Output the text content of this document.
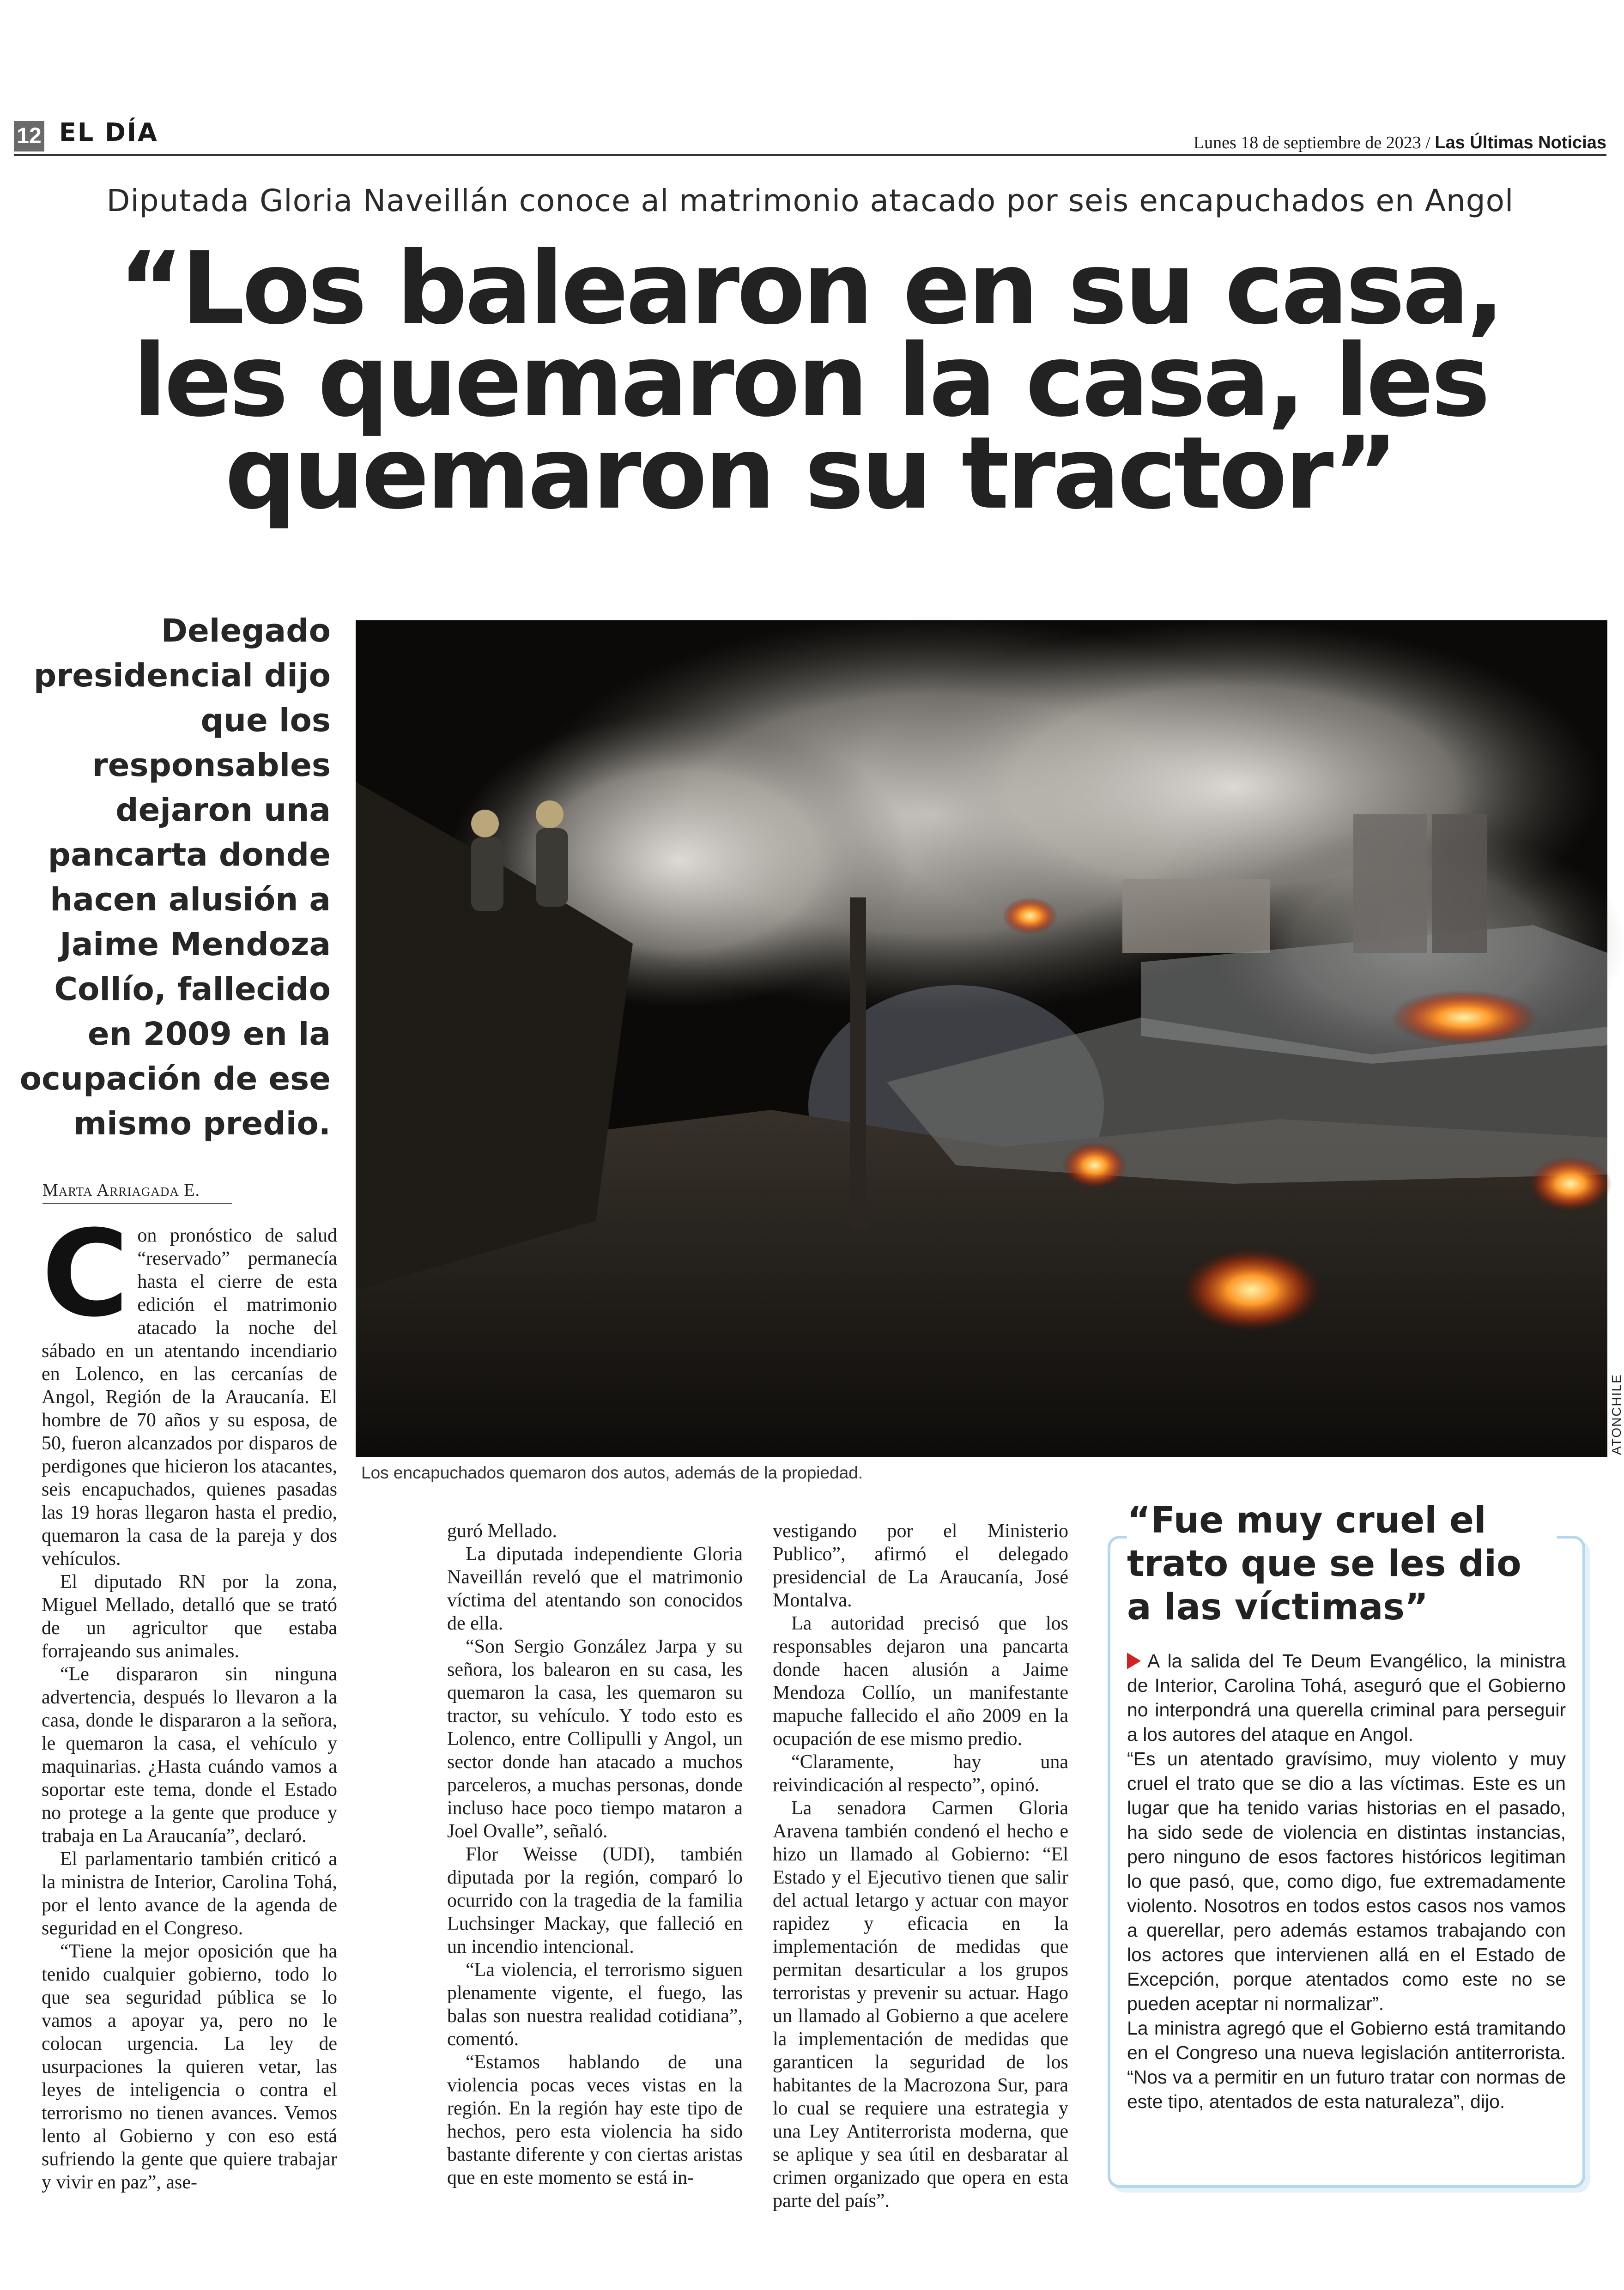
12 EL DÍA	Lunes 18 de septiembre de 2023 / Las Últimas Noticias
Diputada Gloria Naveillán conoce al matrimonio atacado por seis encapuchados en Angol
“Los balearon en su casa,
les quemaron la casa, les
quemaron su tractor”
Delegado presidencial dijo que los responsables dejaron una pancarta donde hacen alusión a Jaime Mendoza Collío, fallecido en 2009 en la ocupación de ese mismo predio.
ATONCHILE
Los encapuchados quemaron dos autos, además de la propiedad.
Marta Arriagada E.

Con pronóstico de salud “reservado” permanecía hasta el cierre de esta edición el matrimonio atacado la noche del sábado en un atentando incendiario en Lolenco, en las cercanías de Angol, Región de la Araucanía. El hombre de 70 años y su esposa, de 50, fueron alcanzados por disparos de perdigones que hicieron los atacantes, seis encapuchados, quienes pasadas las 19 horas llegaron hasta el predio, quemaron la casa de la pareja y dos vehículos.

El diputado RN por la zona, Miguel Mellado, detalló que se trató de un agricultor que estaba forrajeando sus animales.

“Le dispararon sin ninguna advertencia, después lo llevaron a la casa, donde le dispararon a la señora, le quemaron la casa, el vehículo y maquinarias. ¿Hasta cuándo vamos a soportar este tema, donde el Estado no protege a la gente que produce y trabaja en La Araucanía”, declaró.

El parlamentario también criticó a la ministra de Interior, Carolina Tohá, por el lento avance de la agenda de seguridad en el Congreso.

“Tiene la mejor oposición que ha tenido cualquier gobierno, todo lo que sea seguridad pública se lo vamos a apoyar ya, pero no le colocan urgencia. La ley de usurpaciones la quieren vetar, las leyes de inteligencia o contra el terrorismo no tienen avances. Vemos lento al Gobierno y con eso está sufriendo la gente que quiere trabajar y vivir en paz”, ase-

guró Mellado.

La diputada independiente Gloria Naveillán reveló que el matrimonio víctima del atentando son conocidos de ella.

“Son Sergio González Jarpa y su señora, los balearon en su casa, les quemaron la casa, les quemaron su tractor, su vehículo. Y todo esto es Lolenco, entre Collipulli y Angol, un sector donde han atacado a muchos parceleros, a muchas personas, donde incluso hace poco tiempo mataron a Joel Ovalle”, señaló.

Flor Weisse (UDI), también diputada por la región, comparó lo ocurrido con la tragedia de la familia Luchsinger Mackay, que falleció en un incendio intencional.

“La violencia, el terrorismo siguen plenamente vigente, el fuego, las balas son nuestra realidad cotidiana”, comentó.

“Estamos hablando de una violencia pocas veces vistas en la región. En la región hay este tipo de hechos, pero esta violencia ha sido bastante diferente y con ciertas aristas que en este momento se está in-

vestigando por el Ministerio Publico”, afirmó el delegado presidencial de La Araucanía, José Montalva.

La autoridad precisó que los responsables dejaron una pancarta donde hacen alusión a Jaime Mendoza Collío, un manifestante mapuche fallecido el año 2009 en la ocupación de ese mismo predio.

“Claramente, hay una reivindicación al respecto”, opinó.

La senadora Carmen Gloria Aravena también condenó el hecho e hizo un llamado al Gobierno: “El Estado y el Ejecutivo tienen que salir del actual letargo y actuar con mayor rapidez y eficacia en la implementación de medidas que permitan desarticular a los grupos terroristas y prevenir su actuar. Hago un llamado al Gobierno a que acelere la implementación de medidas que garanticen la seguridad de los habitantes de la Macrozona Sur, para lo cual se requiere una estrategia y una Ley Antiterrorista moderna, que se aplique y sea útil en desbaratar al crimen organizado que opera en esta parte del país”.

“Fue muy cruel el trato que se les dio a las víctimas”

A la salida del Te Deum Evangélico, la ministra de Interior, Carolina Tohá, aseguró que el Gobierno no interpondrá una querella criminal para perseguir a los autores del ataque en Angol.

“Es un atentado gravísimo, muy violento y muy cruel el trato que se dio a las víctimas. Este es un lugar que ha tenido varias historias en el pasado, ha sido sede de violencia en distintas instancias, pero ninguno de esos factores históricos legitiman lo que pasó, que, como digo, fue extremadamente violento. Nosotros en todos estos casos nos vamos a querellar, pero además estamos trabajando con los actores que intervienen allá en el Estado de Excepción, porque atentados como este no se pueden aceptar ni normalizar”.

La ministra agregó que el Gobierno está tramitando en el Congreso una nueva legislación antiterrorista. “Nos va a permitir en un futuro tratar con normas de este tipo, atentados de esta naturaleza”, dijo.
